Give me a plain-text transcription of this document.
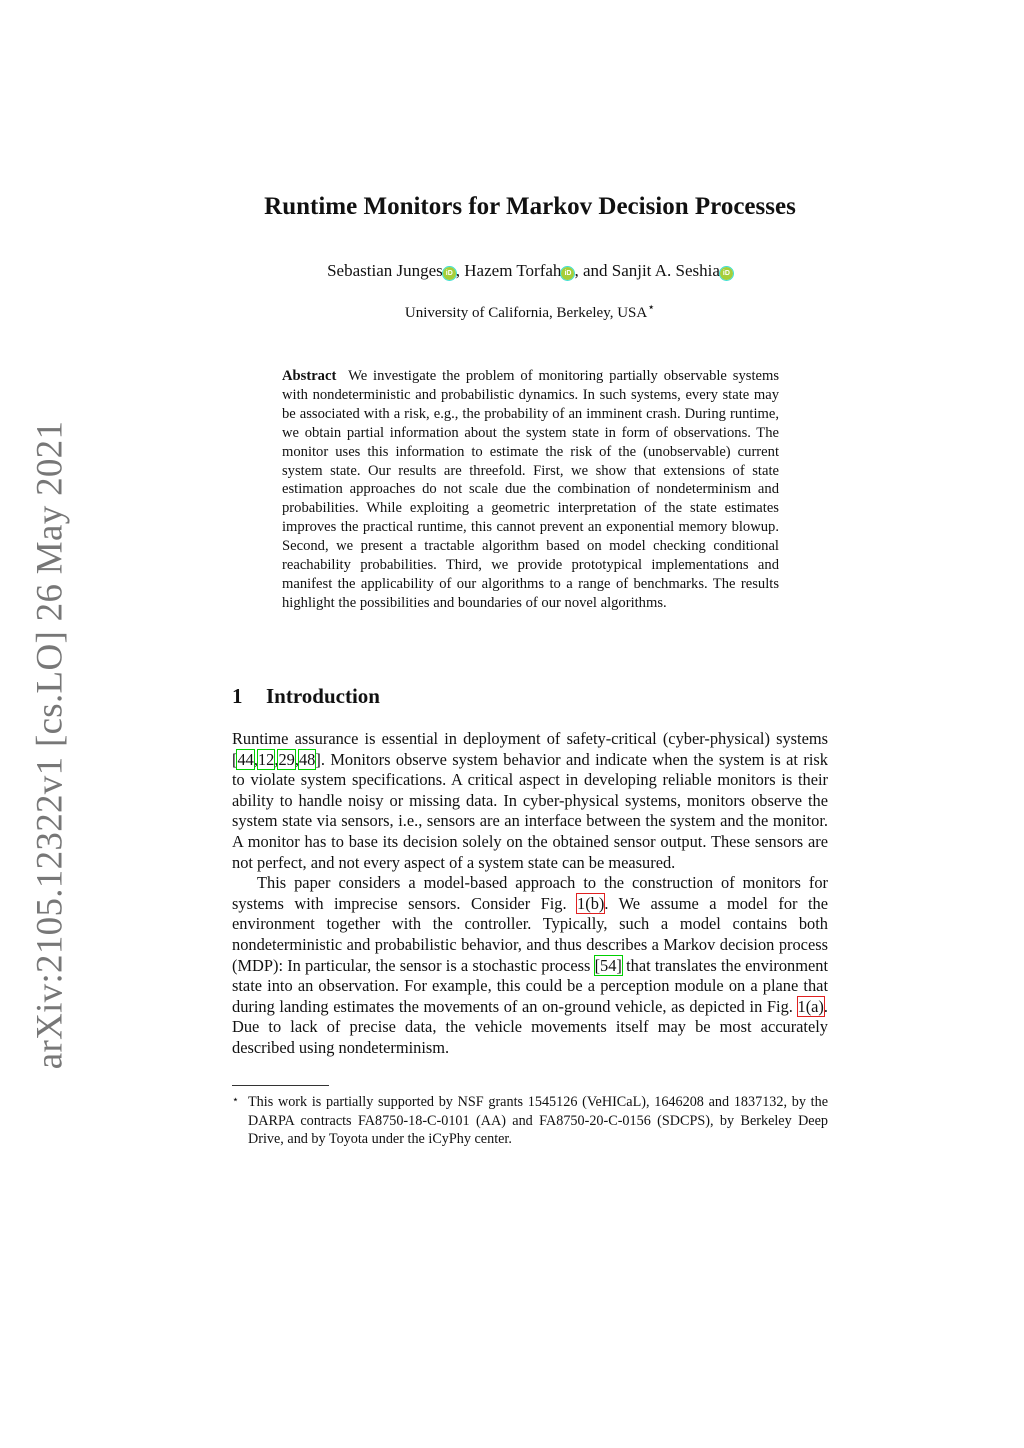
arXiv:2105.12322v1 [cs.LO] 26 May 2021
Runtime Monitors for Markov Decision Processes
Sebastian Junges iD , Hazem Torfah iD , and Sanjit A. Seshia iD
University of California, Berkeley, USA⋆

Abstract We investigate the problem of monitoring partially observable systems with nondeterministic and probabilistic dynamics. In such systems, every state may be associated with a risk, e.g., the probability of an imminent crash. During runtime, we obtain partial information about the system state in form of observations. The monitor uses this information to estimate the risk of the (unobservable) current system state. Our results are threefold. First, we show that extensions of state estimation approaches do not scale due the combination of nondeterminism and probabilities. While exploiting a geometric interpretation of the state estimates improves the practical runtime, this cannot prevent an exponential memory blowup. Second, we present a tractable algorithm based on model checking conditional reachability probabilities. Third, we provide prototypical implementations and manifest the applicability of our algorithms to a range of benchmarks. The results highlight the possibilities and boundaries of our novel algorithms.

1 Introduction

Runtime assurance is essential in deployment of safety-critical (cyber-physical) systems [44,12,29,48]. Monitors observe system behavior and indicate when the system is at risk to violate system specifications. A critical aspect in developing reliable monitors is their ability to handle noisy or missing data. In cyber-physical systems, monitors observe the system state via sensors, i.e., sensors are an interface between the system and the monitor. A monitor has to base its decision solely on the obtained sensor output. These sensors are not perfect, and not every aspect of a system state can be measured.

This paper considers a model-based approach to the construction of monitors for systems with imprecise sensors. Consider Fig. 1(b). We assume a model for the environment together with the controller. Typically, such a model contains both nondeterministic and probabilistic behavior, and thus describes a Markov decision process (MDP): In particular, the sensor is a stochastic process [54] that translates the environment state into an observation. For example, this could be a perception module on a plane that during landing estimates the movements of an on-ground vehicle, as depicted in Fig. 1(a). Due to lack of precise data, the vehicle movements itself may be most accurately described using nondeterminism.

⋆ This work is partially supported by NSF grants 1545126 (VeHICaL), 1646208 and 1837132, by the DARPA contracts FA8750-18-C-0101 (AA) and FA8750-20-C-0156 (SDCPS), by Berkeley Deep Drive, and by Toyota under the iCyPhy center.
